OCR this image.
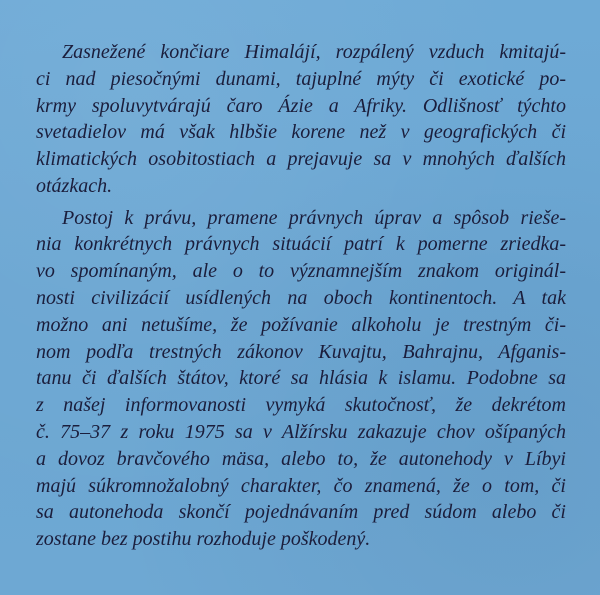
Zasnežené končiare Himalájí, rozpálený vzduch kmitajú-
ci nad piesočnými dunami, tajuplné mýty či exotické po-
krmy spoluvytvárajú čaro Ázie a Afriky. Odlišnosť týchto
svetadielov má však hlbšie korene než v geografických či
klimatických osobitostiach a prejavuje sa v mnohých ďalších
otázkach.

Postoj k právu, pramene právnych úprav a spôsob rieše-
nia konkrétnych právnych situácií patrí k pomerne zriedka-
vo spomínaným, ale o to významnejším znakom originál-
nosti civilizácií usídlených na oboch kontinentoch. A tak
možno ani netušíme, že požívanie alkoholu je trestným či-
nom podľa trestných zákonov Kuvajtu, Bahrajnu, Afganis-
tanu či ďalších štátov, ktoré sa hlásia k islamu. Podobne sa
z našej informovanosti vymyká skutočnosť, že dekrétom
č. 75–37 z roku 1975 sa v Alžírsku zakazuje chov ošípaných
a dovoz bravčového mäsa, alebo to, že autonehody v Líbyi
majú súkromnožalobný charakter, čo znamená, že o tom, či
sa autonehoda skončí pojednávaním pred súdom alebo či
zostane bez postihu rozhoduje poškodený.
